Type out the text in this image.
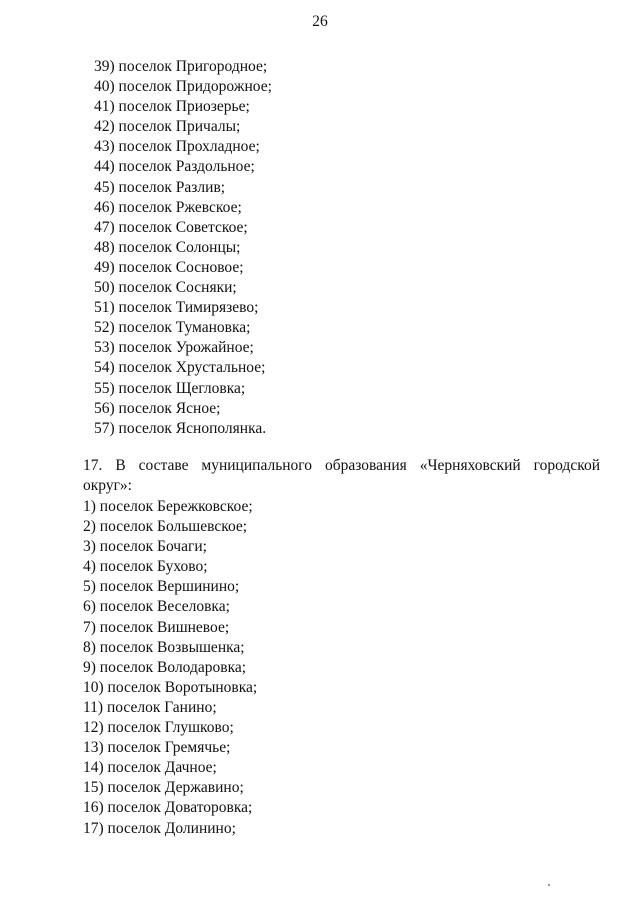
26
39) поселок Пригородное;
40) поселок Придорожное;
41) поселок Приозерье;
42) поселок Причалы;
43) поселок Прохладное;
44) поселок Раздольное;
45) поселок Разлив;
46) поселок Ржевское;
47) поселок Советское;
48) поселок Солонцы;
49) поселок Сосновое;
50) поселок Сосняки;
51) поселок Тимирязево;
52) поселок Тумановка;
53) поселок Урожайное;
54) поселок Хрустальное;
55) поселок Щегловка;
56) поселок Ясное;
57) поселок Яснополянка.

17. В составе муниципального образования «Черняховский городской
округ»:

1) поселок Бережковское;
2) поселок Большевское;
3) поселок Бочаги;
4) поселок Бухово;
5) поселок Вершинино;
6) поселок Веселовка;
7) поселок Вишневое;
8) поселок Возвышенка;
9) поселок Володаровка;
10) поселок Воротыновка;
11) поселок Ганино;
12) поселок Глушково;
13) поселок Гремячье;
14) поселок Дачное;
15) поселок Державино;
16) поселок Доваторовка;
17) поселок Долинино;
